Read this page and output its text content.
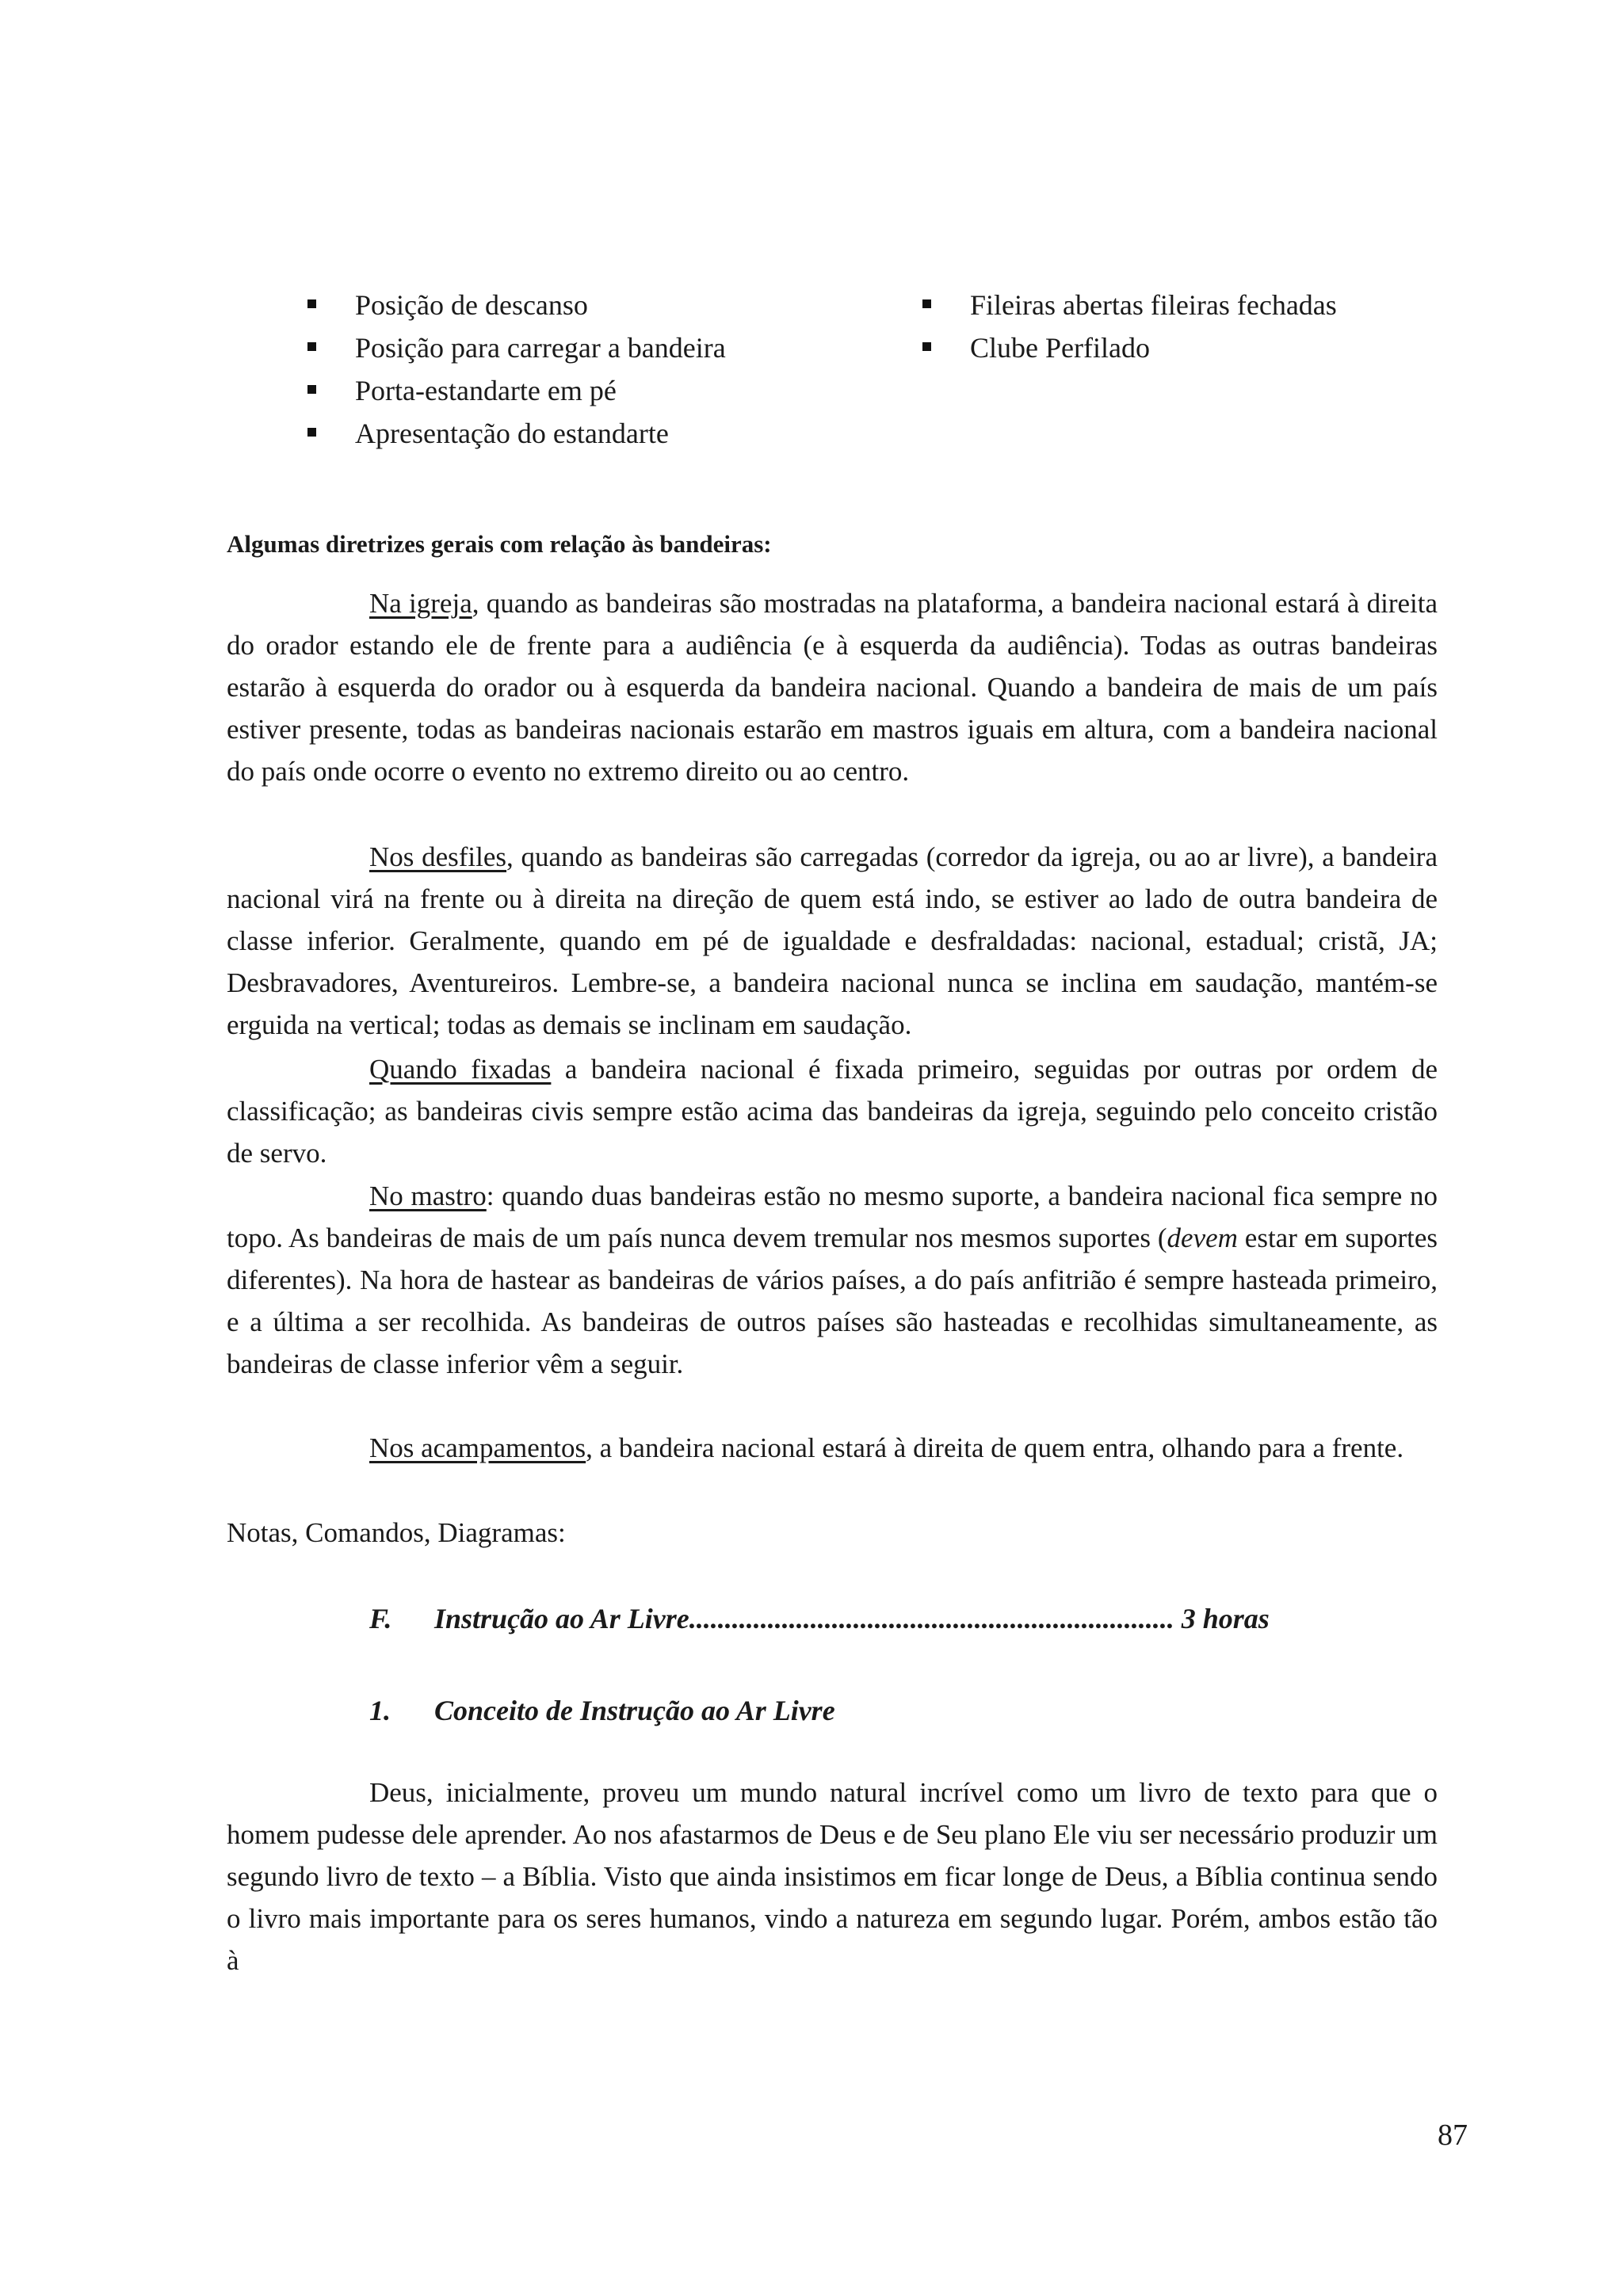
Posição de descanso
Posição para carregar a bandeira
Porta-estandarte em pé
Apresentação do estandarte
Fileiras abertas fileiras fechadas
Clube Perfilado
Algumas diretrizes gerais com relação às bandeiras:

Na igreja, quando as bandeiras são mostradas na plataforma, a bandeira nacional estará à direita do orador estando ele de frente para a audiência (e à esquerda da audiência). Todas as outras bandeiras estarão à esquerda do orador ou à esquerda da bandeira nacional. Quando a bandeira de mais de um país estiver presente, todas as bandeiras nacionais estarão em mastros iguais em altura, com a bandeira nacional do país onde ocorre o evento no extremo direito ou ao centro.

Nos desfiles, quando as bandeiras são carregadas (corredor da igreja, ou ao ar livre), a bandeira nacional virá na frente ou à direita na direção de quem está indo, se estiver ao lado de outra bandeira de classe inferior. Geralmente, quando em pé de igualdade e desfraldadas: nacional, estadual; cristã, JA; Desbravadores, Aventureiros. Lembre-se, a bandeira nacional nunca se inclina em saudação, mantém-se erguida na vertical; todas as demais se inclinam em saudação.

Quando fixadas a bandeira nacional é fixada primeiro, seguidas por outras por ordem de classificação; as bandeiras civis sempre estão acima das bandeiras da igreja, seguindo pelo conceito cristão de servo.

No mastro: quando duas bandeiras estão no mesmo suporte, a bandeira nacional fica sempre no topo. As bandeiras de mais de um país nunca devem tremular nos mesmos suportes (devem estar em suportes diferentes). Na hora de hastear as bandeiras de vários países, a do país anfitrião é sempre hasteada primeiro, e a última a ser recolhida. As bandeiras de outros países são hasteadas e recolhidas simultaneamente, as bandeiras de classe inferior vêm a seguir.

Nos acampamentos, a bandeira nacional estará à direita de quem entra, olhando para a frente.

Notas, Comandos, Diagramas:
F. Instrução ao Ar Livre.................................................................... 3 horas
1. Conceito de Instrução ao Ar Livre

Deus, inicialmente, proveu um mundo natural incrível como um livro de texto para que o homem pudesse dele aprender. Ao nos afastarmos de Deus e de Seu plano Ele viu ser necessário produzir um segundo livro de texto – a Bíblia. Visto que ainda insistimos em ficar longe de Deus, a Bíblia continua sendo o livro mais importante para os seres humanos, vindo a natureza em segundo lugar. Porém, ambos estão tão à

87
